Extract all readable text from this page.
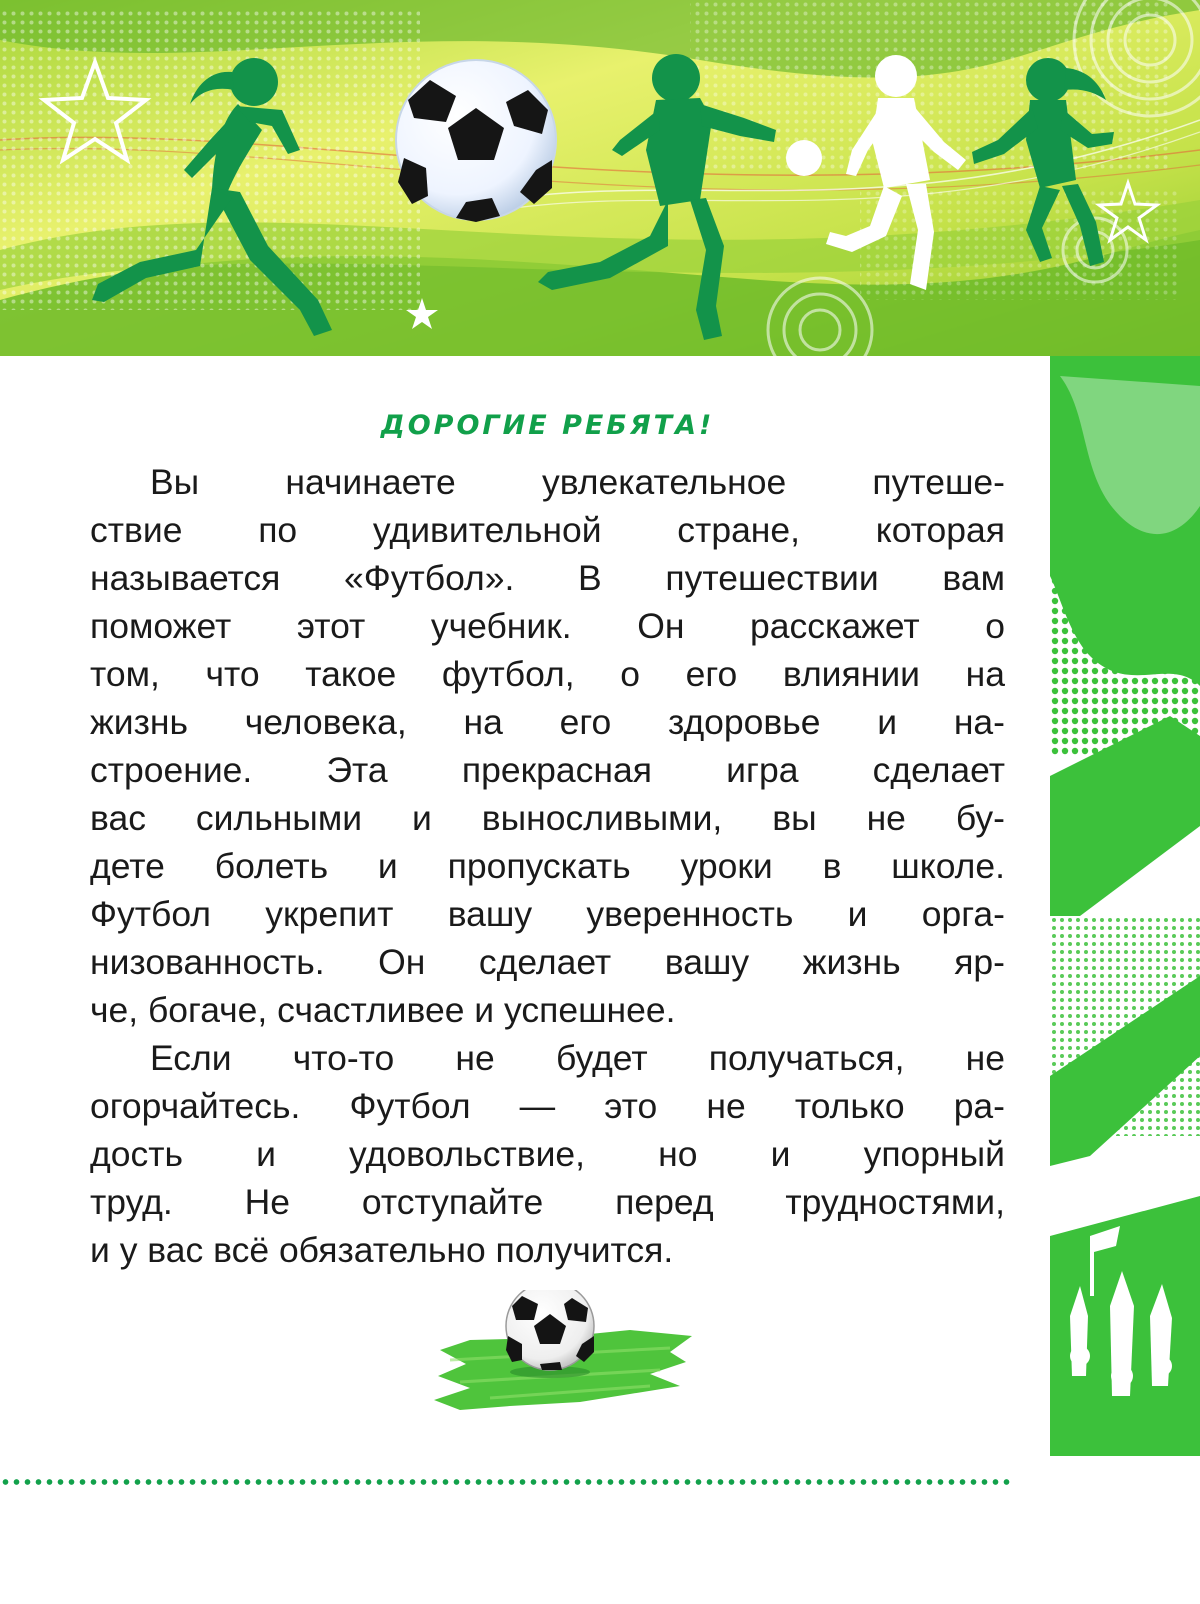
ДОРОГИЕ РЕБЯТА!

Вы начинаете увлекательное путеше-
ствие по удивительной стране, которая
называется «Футбол». В путешествии вам
поможет этот учебник. Он расскажет о
том, что такое футбол, о его влиянии на
жизнь человека, на его здоровье и на-
строение. Эта прекрасная игра сделает
вас сильными и выносливыми, вы не бу-
дете болеть и пропускать уроки в школе.
Футбол укрепит вашу уверенность и орга-
низованность. Он сделает вашу жизнь яр-
че, богаче, счастливее и успешнее.

Если что-то не будет получаться, не
огорчайтесь. Футбол — это не только ра-
дость и удовольствие, но и упорный
труд. Не отступайте перед трудностями,
и у вас всё обязательно получится.
